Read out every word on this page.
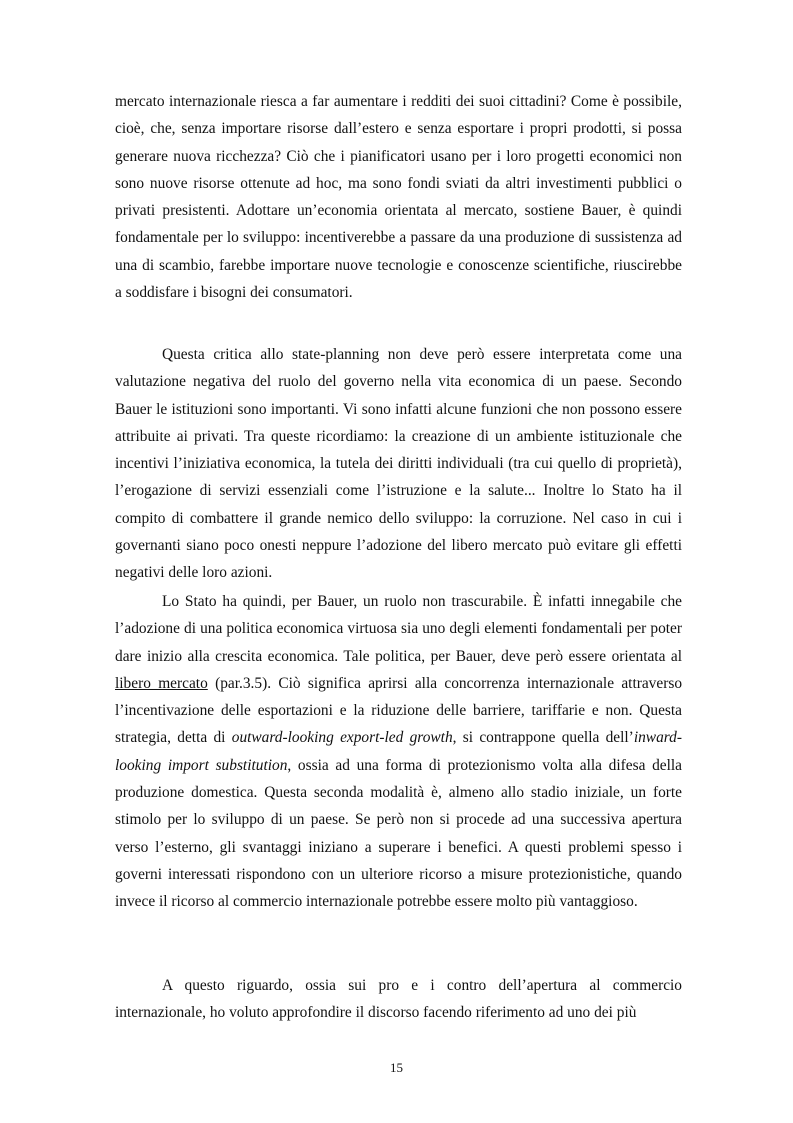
mercato internazionale riesca a far aumentare i redditi dei suoi cittadini? Come è possibile, cioè, che, senza importare risorse dall’estero e senza esportare i propri prodotti, si possa generare nuova ricchezza? Ciò che i pianificatori usano per i loro progetti economici non sono nuove risorse ottenute ad hoc, ma sono fondi sviati da altri investimenti pubblici o privati presistenti. Adottare un’economia orientata al mercato, sostiene Bauer, è quindi fondamentale per lo sviluppo: incentiverebbe a passare da una produzione di sussistenza ad una di scambio, farebbe importare nuove tecnologie e conoscenze scientifiche, riuscirebbe a soddisfare i bisogni dei consumatori.

Questa critica allo state-planning non deve però essere interpretata come una valutazione negativa del ruolo del governo nella vita economica di un paese. Secondo Bauer le istituzioni sono importanti. Vi sono infatti alcune funzioni che non possono essere attribuite ai privati. Tra queste ricordiamo: la creazione di un ambiente istituzionale che incentivi l’iniziativa economica, la tutela dei diritti individuali (tra cui quello di proprietà), l’erogazione di servizi essenziali come l’istruzione e la salute... Inoltre lo Stato ha il compito di combattere il grande nemico dello sviluppo: la corruzione. Nel caso in cui i governanti siano poco onesti neppure l’adozione del libero mercato può evitare gli effetti negativi delle loro azioni.

Lo Stato ha quindi, per Bauer, un ruolo non trascurabile. È infatti innegabile che l’adozione di una politica economica virtuosa sia uno degli elementi fondamentali per poter dare inizio alla crescita economica. Tale politica, per Bauer, deve però essere orientata al libero mercato (par.3.5). Ciò significa aprirsi alla concorrenza internazionale attraverso l’incentivazione delle esportazioni e la riduzione delle barriere, tariffarie e non. Questa strategia, detta di outward-looking export-led growth, si contrappone quella dell’inward-looking import substitution, ossia ad una forma di protezionismo volta alla difesa della produzione domestica. Questa seconda modalità è, almeno allo stadio iniziale, un forte stimolo per lo sviluppo di un paese. Se però non si procede ad una successiva apertura verso l’esterno, gli svantaggi iniziano a superare i benefici. A questi problemi spesso i governi interessati rispondono con un ulteriore ricorso a misure protezionistiche, quando invece il ricorso al commercio internazionale potrebbe essere molto più vantaggioso.

A questo riguardo, ossia sui pro e i contro dell’apertura al commercio internazionale, ho voluto approfondire il discorso facendo riferimento ad uno dei più

15
